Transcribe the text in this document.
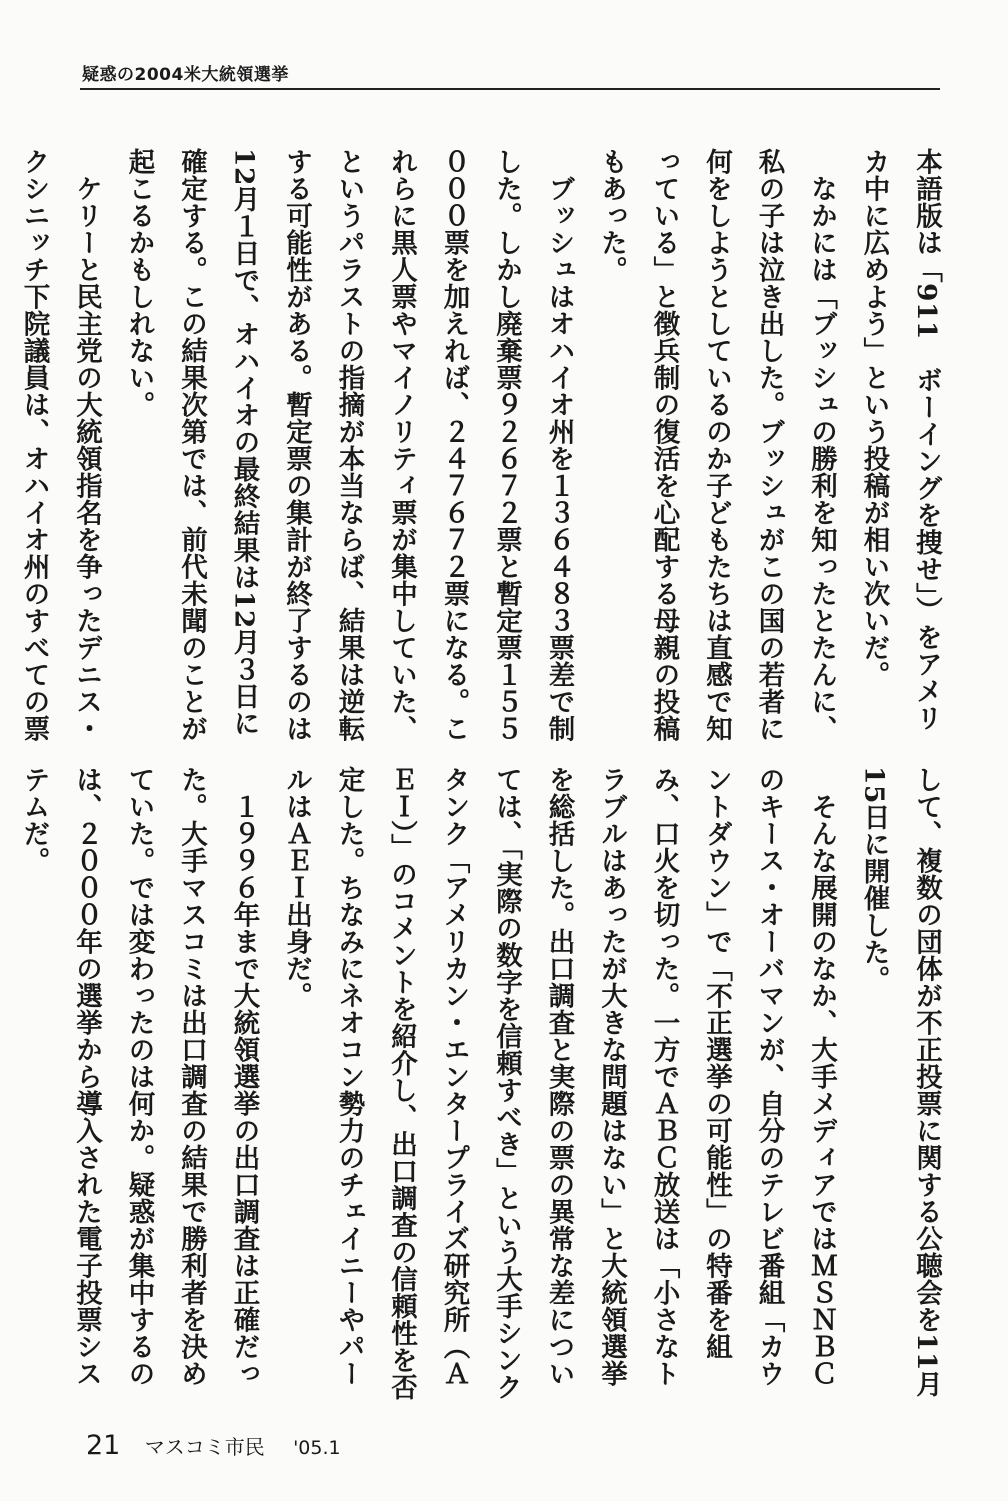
疑惑の2004米大統領選挙

本語版は「911　ボーイングを捜せ」）をアメリカ中に広めよう」という投稿が相い次いだ。

　なかには「ブッシュの勝利を知ったとたんに、私の子は泣き出した。ブッシュがこの国の若者に何をしようとしているのか子どもたちは直感で知っている」と徴兵制の復活を心配する母親の投稿もあった。

　ブッシュはオハイオ州を１３６４８３票差で制した。しかし廃棄票９２６７２票と暫定票１５５０００票を加えれば、２４７６７２票になる。これらに黒人票やマイノリティ票が集中していた、というパラストの指摘が本当ならば、結果は逆転する可能性がある。暫定票の集計が終了するのは12月１日で、オハイオの最終結果は12月３日に確定する。この結果次第では、前代未聞のことが起こるかもしれない。

　ケリーと民主党の大統領指名を争ったデニス・クシニッチ下院議員は、オハイオ州のすべての票

して、複数の団体が不正投票に関する公聴会を11月15日に開催した。

　そんな展開のなか、大手メディアではＭＳＮＢＣのキース・オーバマンが、自分のテレビ番組「カウントダウン」で「不正選挙の可能性」の特番を組み、口火を切った。一方でＡＢＣ放送は「小さなトラブルはあったが大きな問題はない」と大統領選挙を総括した。出口調査と実際の票の異常な差については、「実際の数字を信頼すべき」という大手シンクタンク「アメリカン・エンタープライズ研究所（ＡＥＩ）」のコメントを紹介し、出口調査の信頼性を否定した。ちなみにネオコン勢力のチェイニーやパールはＡＥＩ出身だ。

　１９９６年まで大統領選挙の出口調査は正確だった。大手マスコミは出口調査の結果で勝利者を決めていた。では変わったのは何か。疑惑が集中するのは、２０００年の選挙から導入された電子投票システムだ。

21 マスコミ市民 '05.1
